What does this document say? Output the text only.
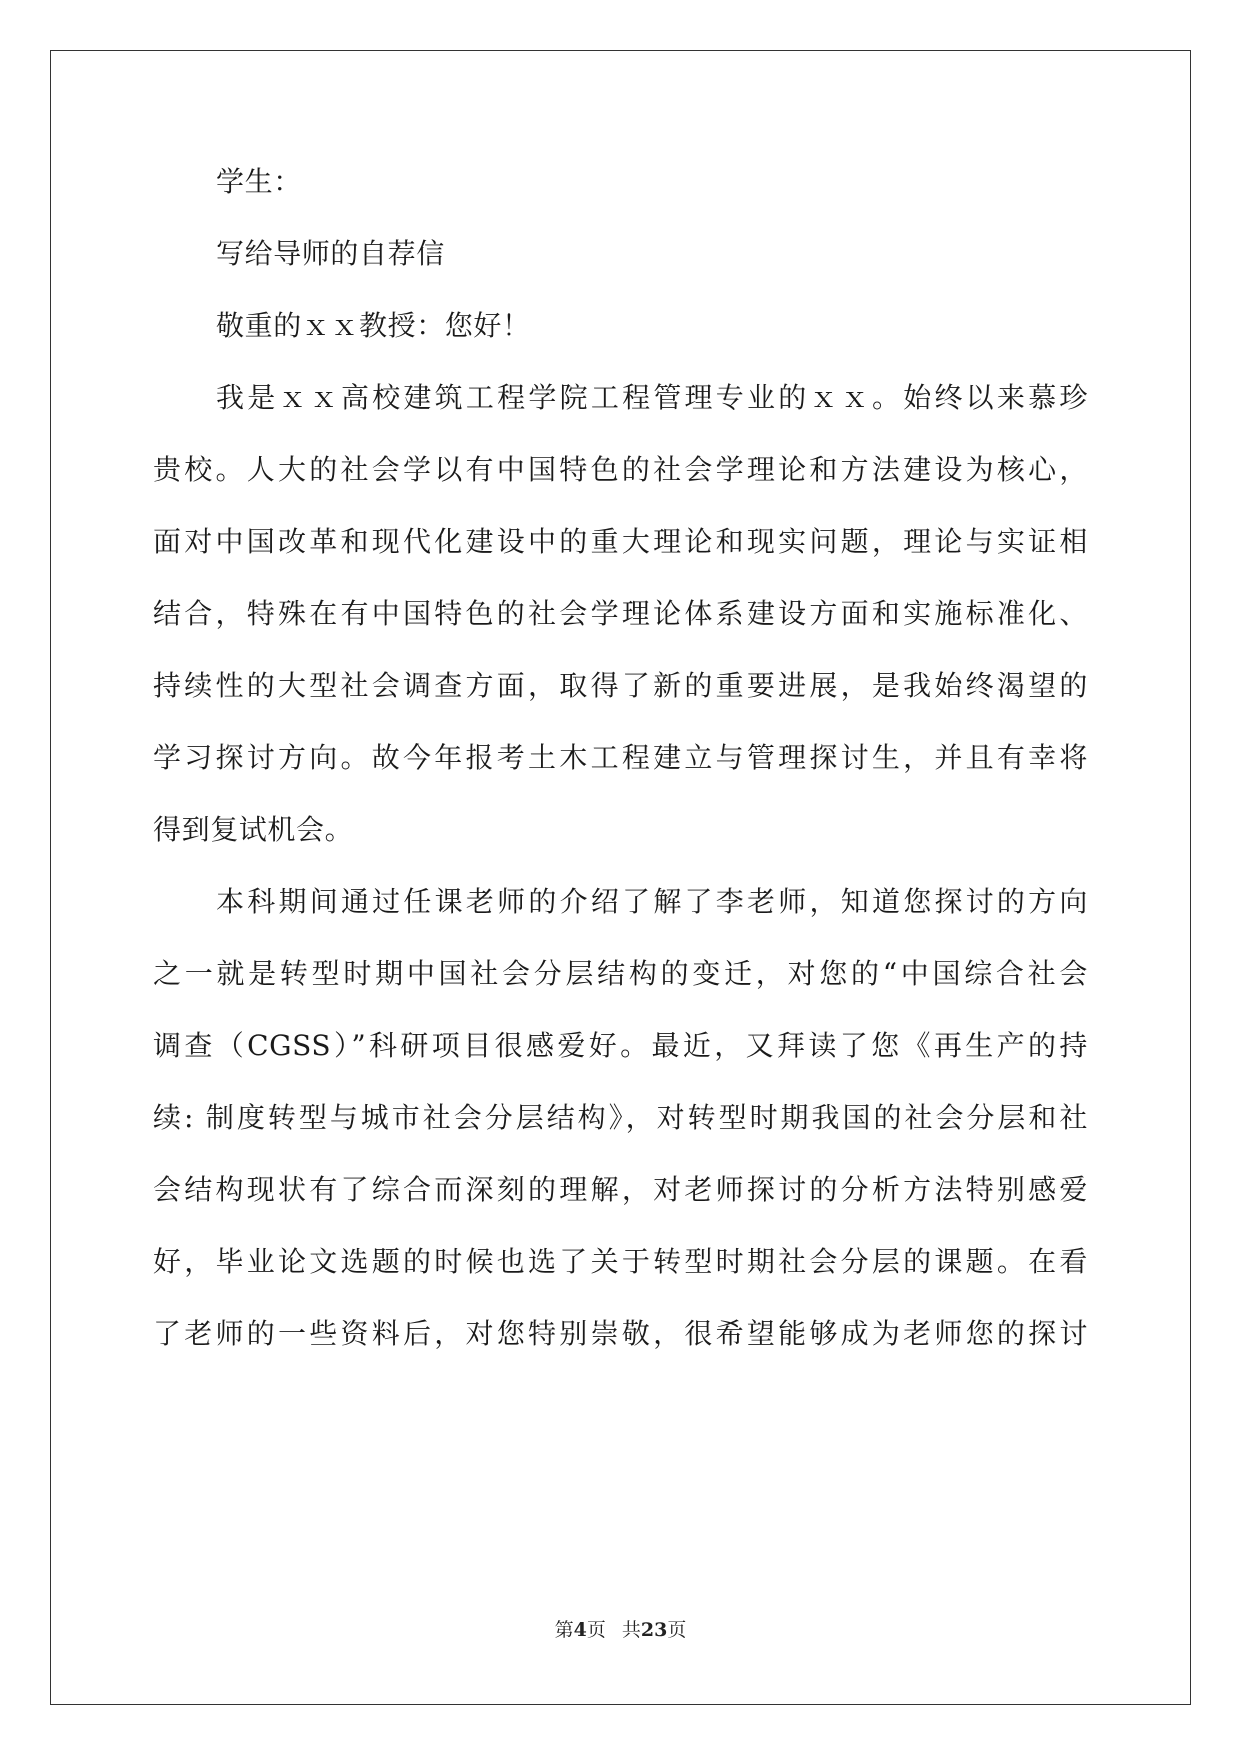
学生：
写给导师的自荐信
敬重的ｘｘ教授：您好！
我是ｘｘ高校建筑工程学院工程管理专业的ｘｘ。始终以来慕珍
贵校。人大的社会学以有中国特色的社会学理论和方法建设为核心，
面对中国改革和现代化建设中的重大理论和现实问题，理论与实证相
结合，特殊在有中国特色的社会学理论体系建设方面和实施标准化、
持续性的大型社会调查方面，取得了新的重要进展，是我始终渴望的
学习探讨方向。故今年报考土木工程建立与管理探讨生，并且有幸将
得到复试机会。
本科期间通过任课老师的介绍了解了李老师，知道您探讨的方向
之一就是转型时期中国社会分层结构的变迁，对您的“中国综合社会
调查（CGSS）”科研项目很感爱好。最近，又拜读了您《再生产的持
续: 制度转型与城市社会分层结构》，对转型时期我国的社会分层和社
会结构现状有了综合而深刻的理解，对老师探讨的分析方法特别感爱
好，毕业论文选题的时候也选了关于转型时期社会分层的课题。在看
了老师的一些资料后，对您特别崇敬，很希望能够成为老师您的探讨
第4页 共23页
